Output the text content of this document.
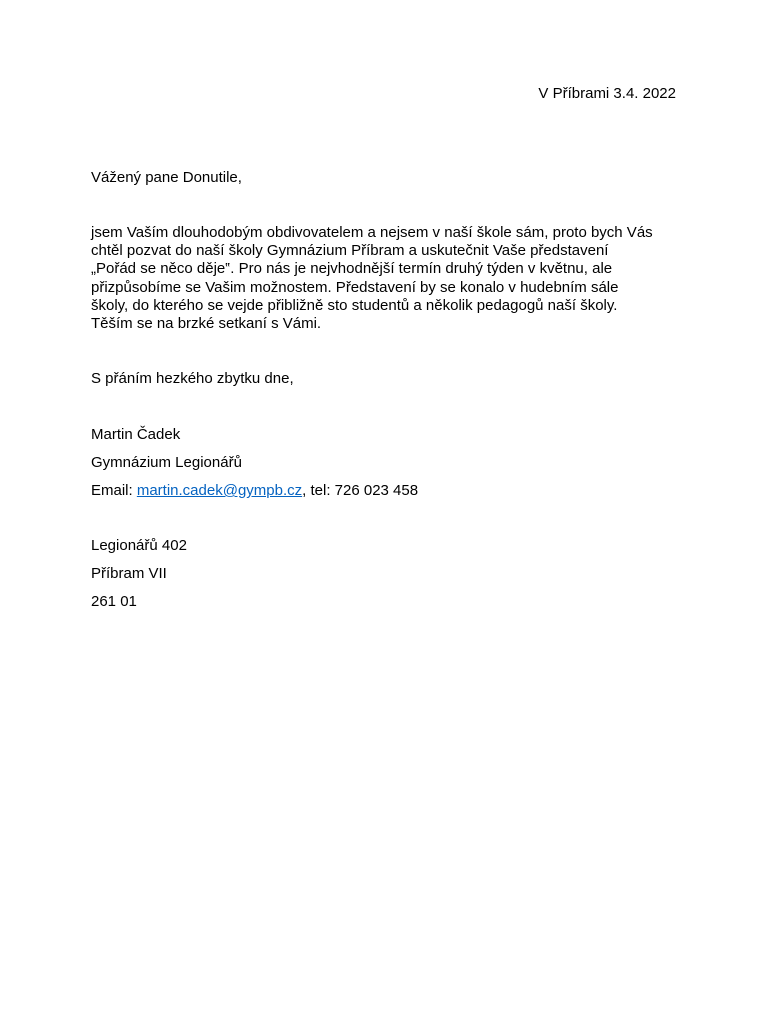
V Příbrami 3.4. 2022
Vážený pane Donutile,
jsem Vaším dlouhodobým obdivovatelem a nejsem v naší škole sám, proto bych Vás
chtěl pozvat do naší školy Gymnázium Příbram a uskutečnit Vaše představení
„Pořád se něco děje‟. Pro nás je nejvhodnější termín druhý týden v květnu, ale
přizpůsobíme se Vašim možnostem. Představení by se konalo v hudebním sále
školy, do kterého se vejde přibližně sto studentů a několik pedagogů naší školy.
Těším se na brzké setkaní s Vámi.
S přáním hezkého zbytku dne,
Martin Čadek
Gymnázium Legionářů
Email: martin.cadek@gympb.cz, tel: 726 023 458
Legionářů 402
Příbram VII
261 01
